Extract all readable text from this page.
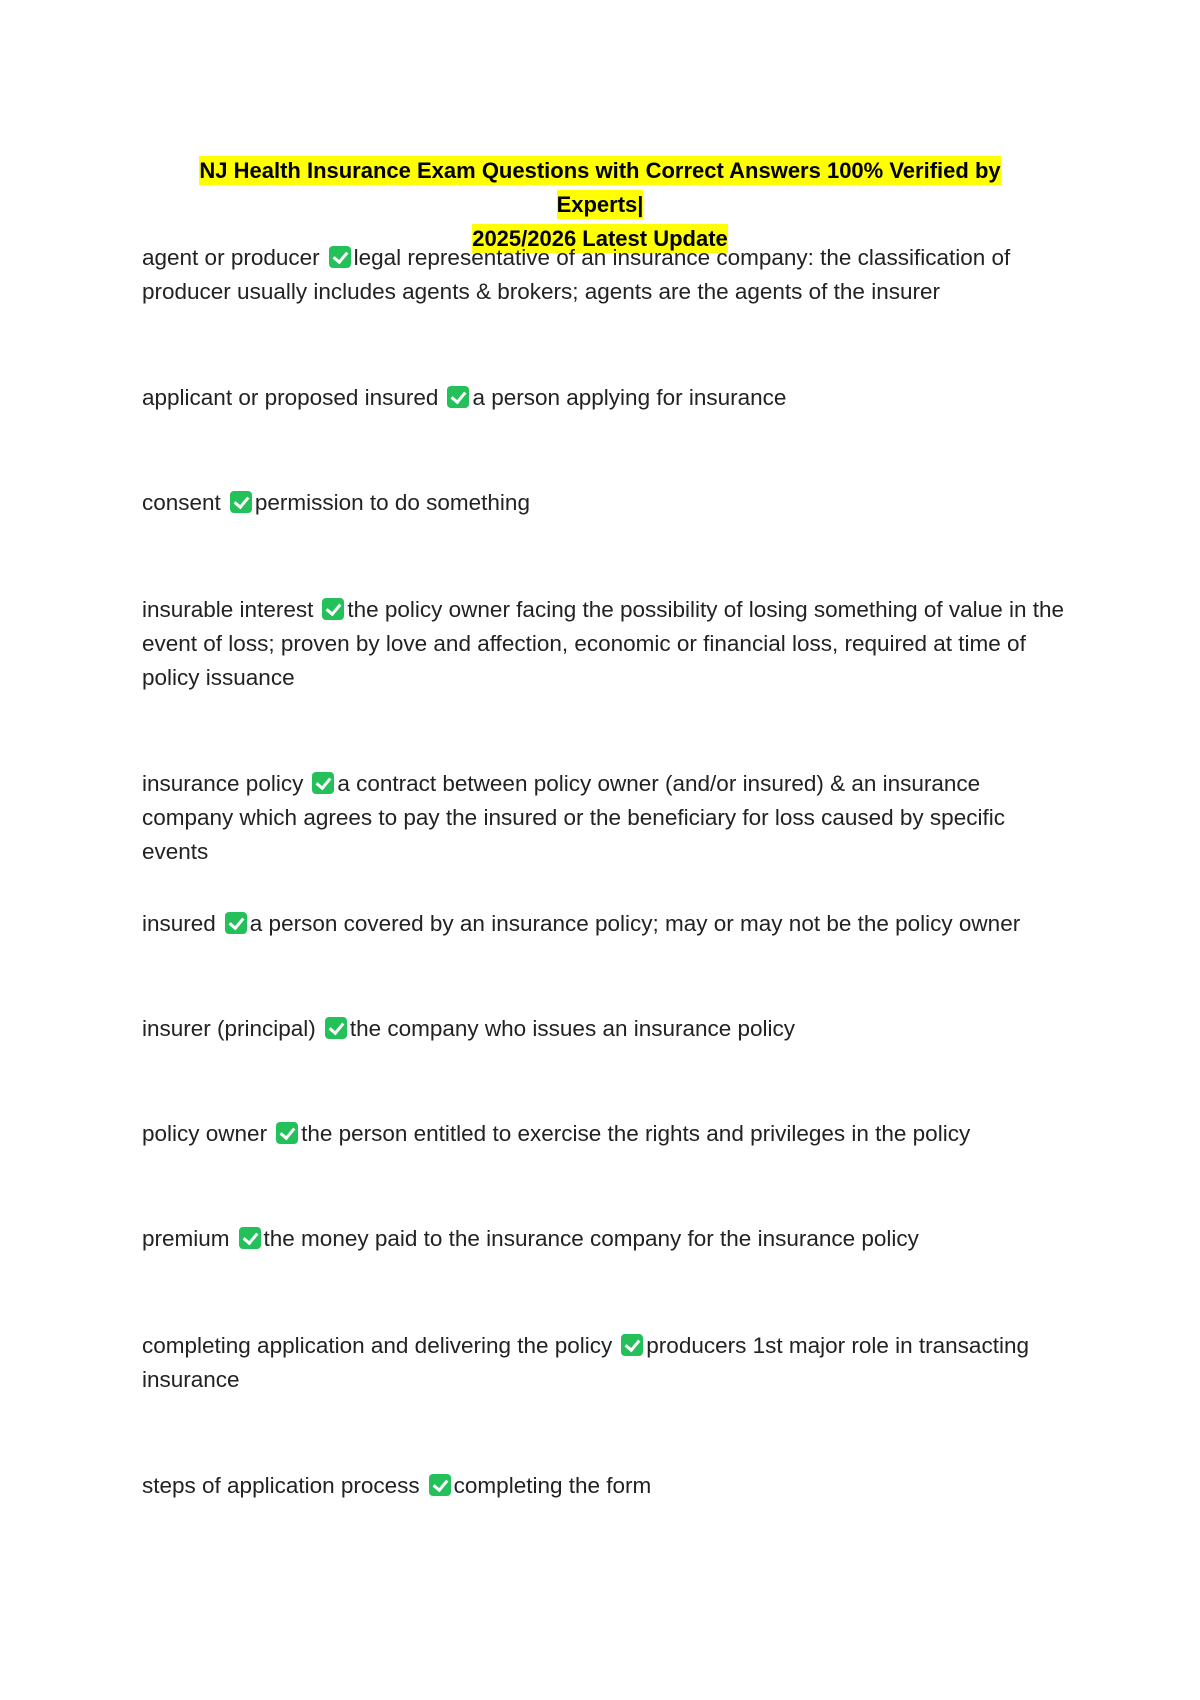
NJ Health Insurance Exam Questions with Correct Answers 100% Verified by Experts|
2025/2026 Latest Update
agent or producer legal representative of an insurance company: the classification of producer usually includes agents & brokers; agents are the agents of the insurer
applicant or proposed insured a person applying for insurance
consent permission to do something
insurable interest the policy owner facing the possibility of losing something of value in the event of loss; proven by love and affection, economic or financial loss, required at time of policy issuance
insurance policy a contract between policy owner (and/or insured) & an insurance company which agrees to pay the insured or the beneficiary for loss caused by specific events
insured a person covered by an insurance policy; may or may not be the policy owner
insurer (principal) the company who issues an insurance policy
policy owner the person entitled to exercise the rights and privileges in the policy
premium the money paid to the insurance company for the insurance policy
completing application and delivering the policy producers 1st major role in transacting insurance
steps of application process completing the form
